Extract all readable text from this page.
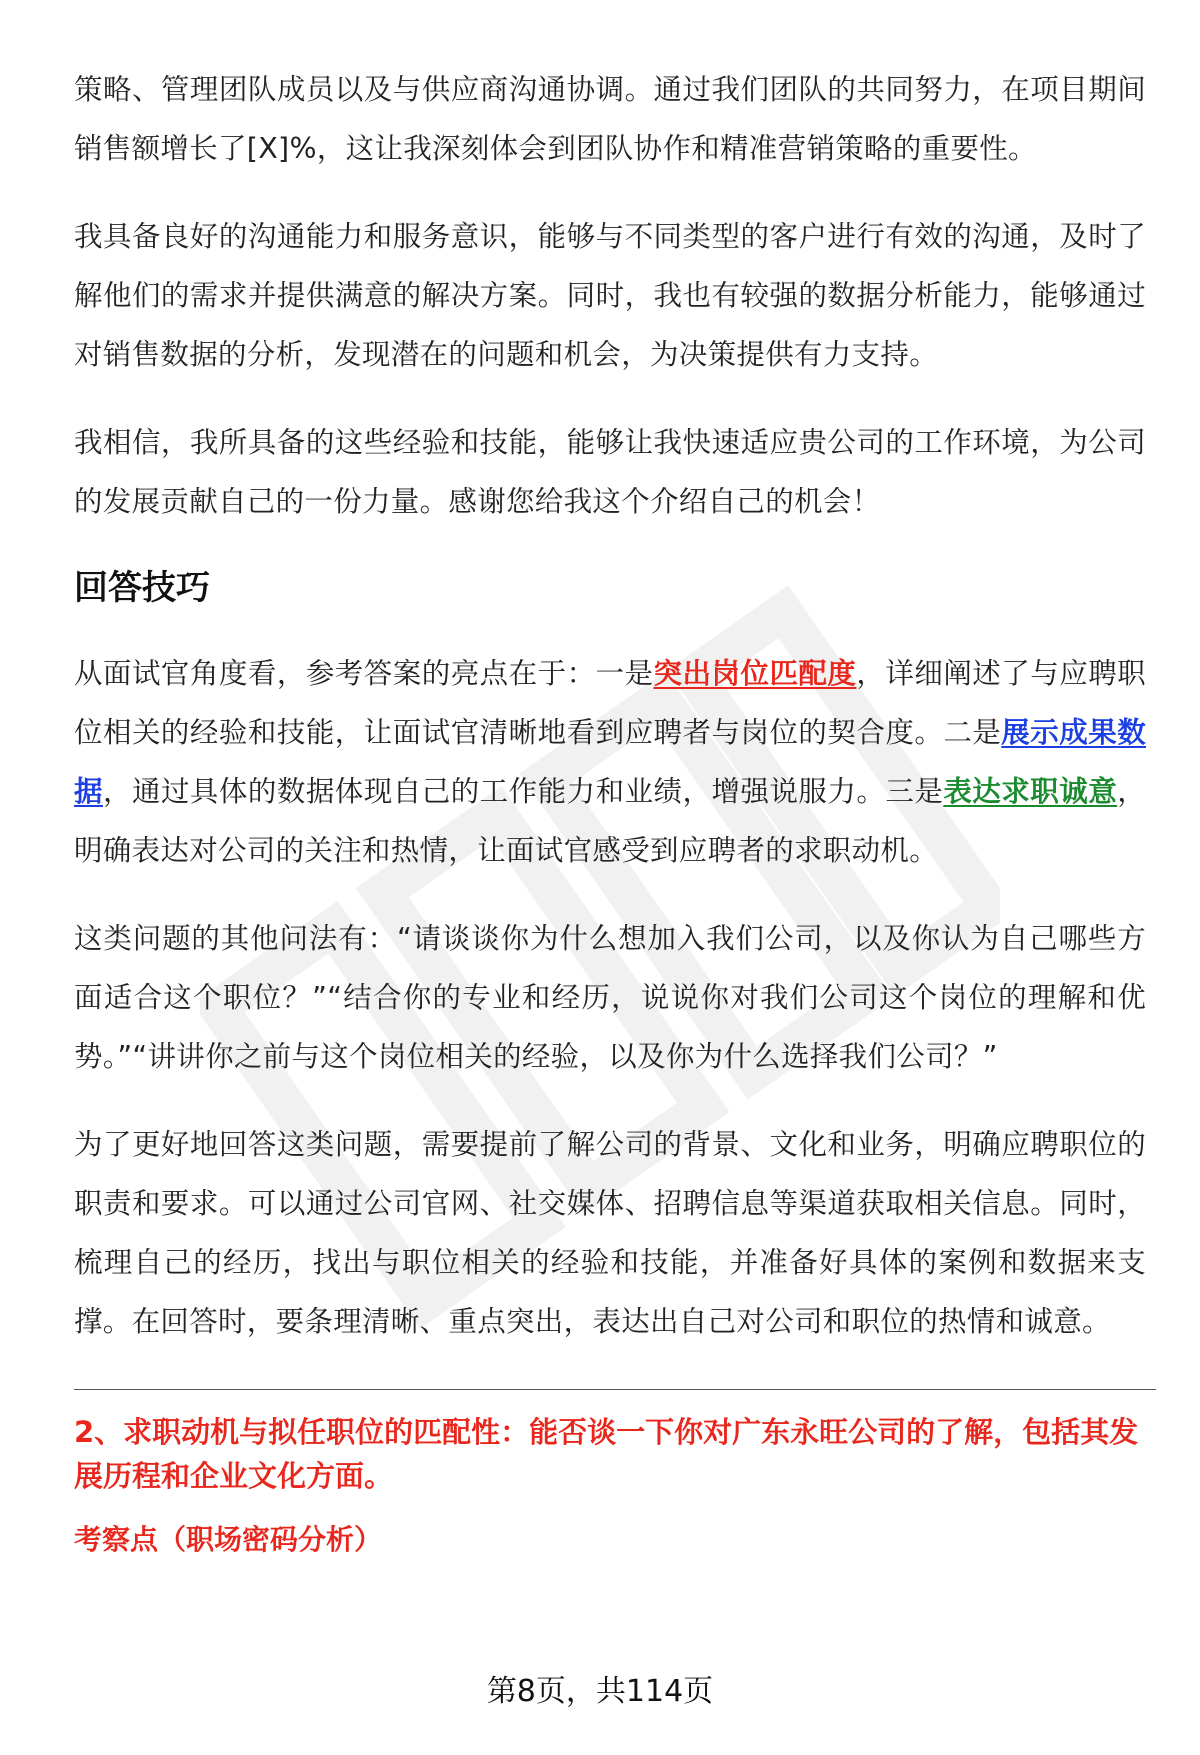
策略、管理团队成员以及与供应商沟通协调。通过我们团队的共同努力，在项目期间销售额增长了[X]%，这让我深刻体会到团队协作和精准营销策略的重要性。

我具备良好的沟通能力和服务意识，能够与不同类型的客户进行有效的沟通，及时了解他们的需求并提供满意的解决方案。同时，我也有较强的数据分析能力，能够通过对销售数据的分析，发现潜在的问题和机会，为决策提供有力支持。

我相信，我所具备的这些经验和技能，能够让我快速适应贵公司的工作环境，为公司的发展贡献自己的一份力量。感谢您给我这个介绍自己的机会！

回答技巧

从面试官角度看，参考答案的亮点在于：一是突出岗位匹配度，详细阐述了与应聘职位相关的经验和技能，让面试官清晰地看到应聘者与岗位的契合度。二是展示成果数据，通过具体的数据体现自己的工作能力和业绩，增强说服力。三是表达求职诚意，明确表达对公司的关注和热情，让面试官感受到应聘者的求职动机。

这类问题的其他问法有：“请谈谈你为什么想加入我们公司，以及你认为自己哪些方面适合这个职位？”“结合你的专业和经历，说说你对我们公司这个岗位的理解和优势。”“讲讲你之前与这个岗位相关的经验，以及你为什么选择我们公司？”

为了更好地回答这类问题，需要提前了解公司的背景、文化和业务，明确应聘职位的职责和要求。可以通过公司官网、社交媒体、招聘信息等渠道获取相关信息。同时，梳理自己的经历，找出与职位相关的经验和技能，并准备好具体的案例和数据来支撑。在回答时，要条理清晰、重点突出，表达出自己对公司和职位的热情和诚意。

2、求职动机与拟任职位的匹配性：能否谈一下你对广东永旺公司的了解，包括其发展历程和企业文化方面。
考察点（职场密码分析）
第8页，共114页
